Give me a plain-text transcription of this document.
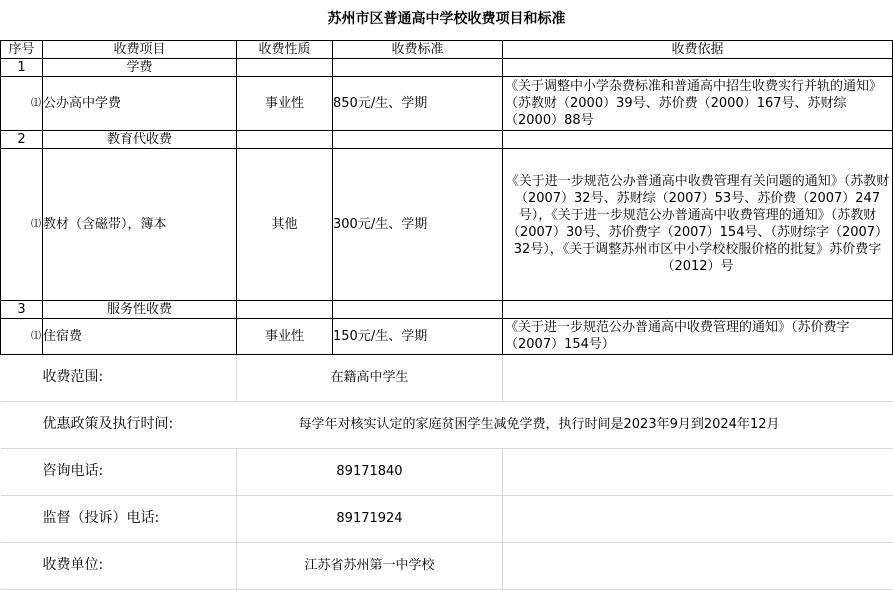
苏州市区普通高中学校收费项目和标准				
序号	收费项目	收费性质	收费标准	收费依据
1	学费			
⑴	公办高中学费	事业性	850元/生、学期	《关于调整中小学杂费标准和普通高中招生收费实行并轨的通知》（苏教财（2000）39号、苏价费（2000）167号、苏财综（2000）88号
2	教育代收费			
⑴	教材（含磁带），簿本	其他	300元/生、学期	《关于进一步规范公办普通高中收费管理有关问题的通知》（苏教财（2007）32号、苏财综（2007）53号、苏价费（2007）247号），《关于进一步规范公办普通高中收费管理的通知》（苏教财（2007）30号、苏价费字（2007）154号、（苏财综字（2007）32号），《关于调整苏州市区中小学校校服价格的批复》苏价费字（2012）号
3	服务性收费			
⑴	住宿费	事业性	150元/生、学期	《关于进一步规范公办普通高中收费管理的通知》（苏价费字（2007）154号）

收费范围:		在籍高中学生		

优惠政策及执行时间:		每学年对核实认定的家庭贫困学生减免学费，执行时间是2023年9月到2024年12月		

咨询电话:		89171840		

监督（投诉）电话:		89171924		

收费单位:		江苏省苏州第一中学校		
